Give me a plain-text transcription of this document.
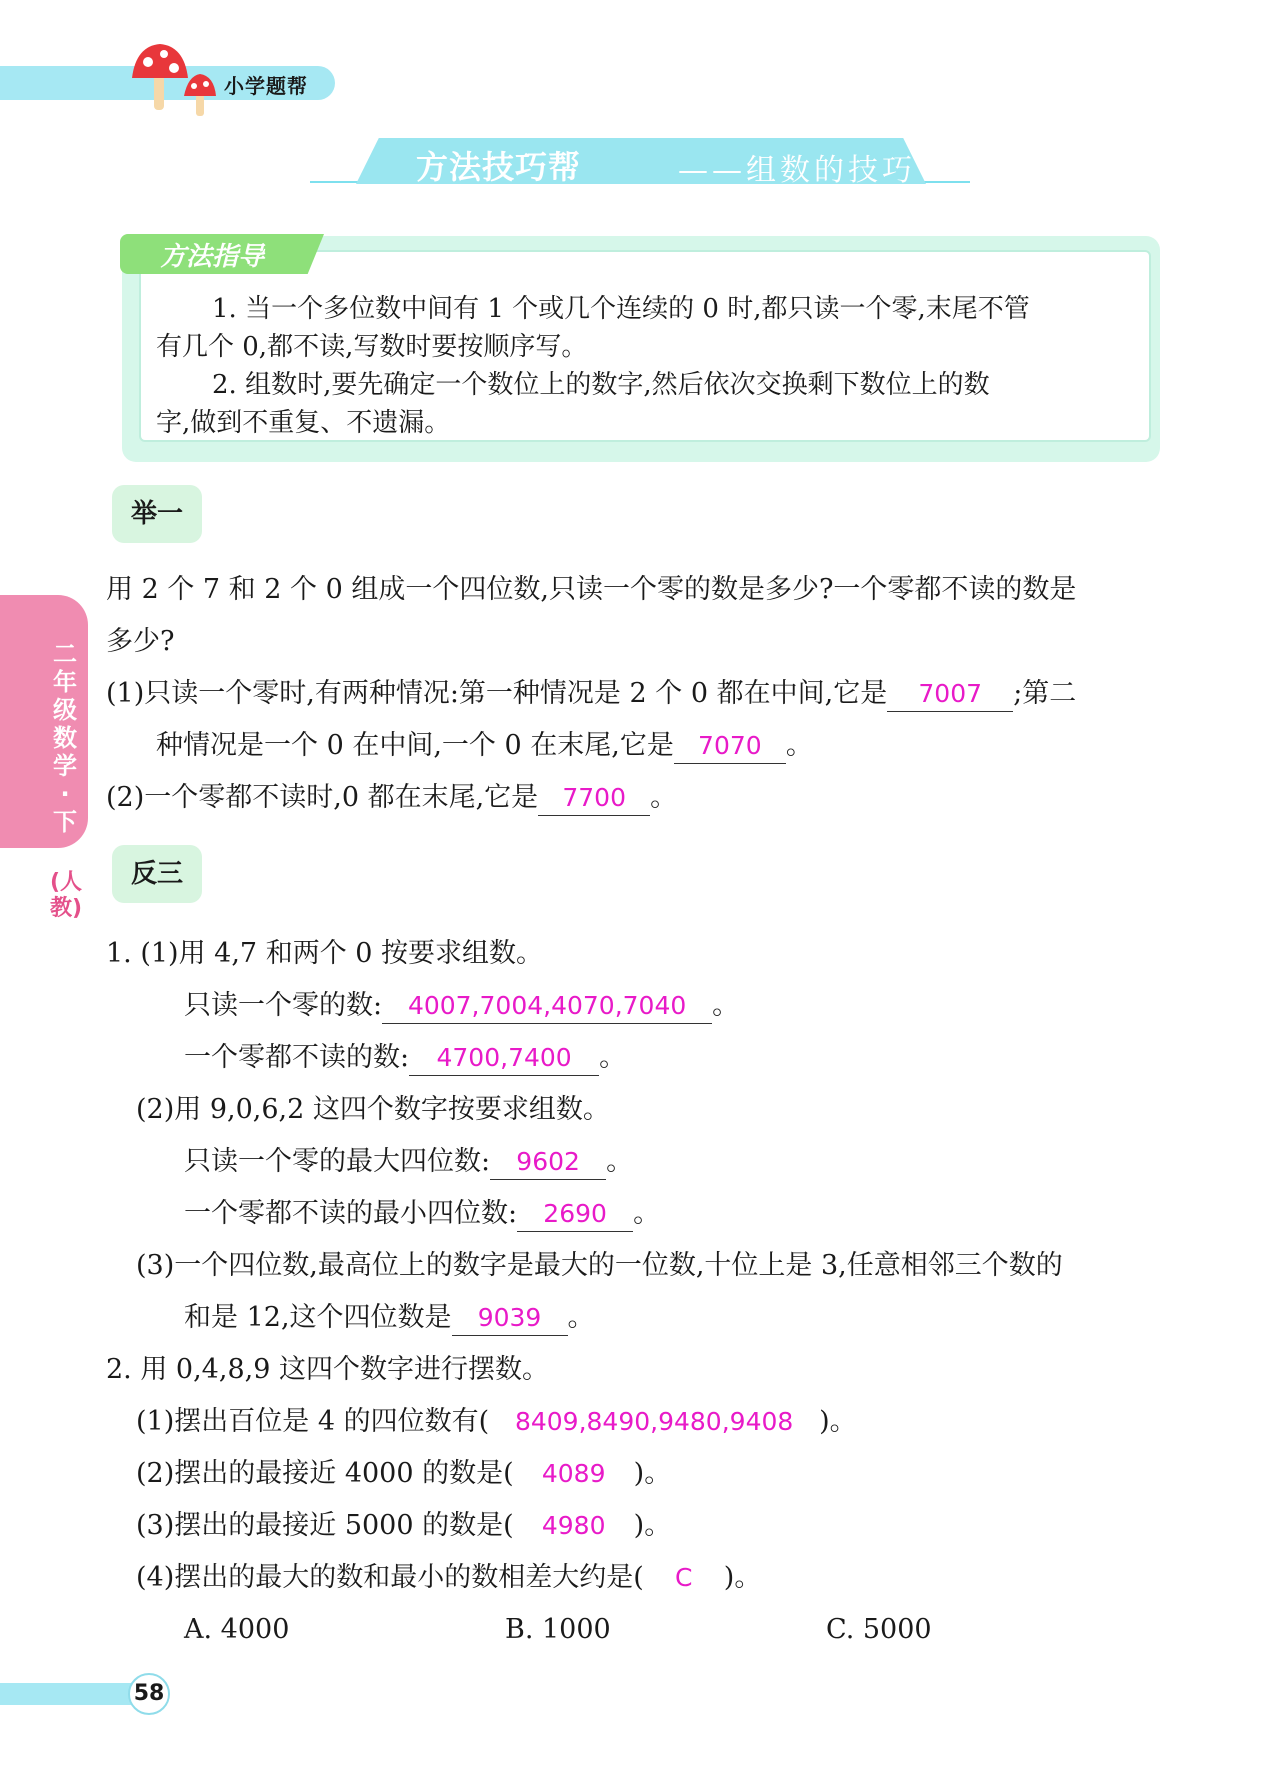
小学题帮
方法技巧帮	——组数的技巧
方法指导
1. 当一个多位数中间有 1 个或几个连续的 0 时,都只读一个零,末尾不管
有几个 0,都不读,写数时要按顺序写。
2. 组数时,要先确定一个数位上的数字,然后依次交换剩下数位上的数
字,做到不重复、不遗漏。
二年级数学·下
(人教)
举一
用 2 个 7 和 2 个 0 组成一个四位数,只读一个零的数是多少?一个零都不读的数是
多少?
(1)只读一个零时,有两种情况:第一种情况是 2 个 0 都在中间,它是 7007 ;第二
种情况是一个 0 在中间,一个 0 在末尾,它是 7070 。
(2)一个零都不读时,0 都在末尾,它是 7700 。
反三
1. (1)用 4,7 和两个 0 按要求组数。
只读一个零的数: 4007,7004,4070,7040 。
一个零都不读的数: 4700,7400 。
(2)用 9,0,6,2 这四个数字按要求组数。
只读一个零的最大四位数: 9602 。
一个零都不读的最小四位数: 2690 。
(3)一个四位数,最高位上的数字是最大的一位数,十位上是 3,任意相邻三个数的
和是 12,这个四位数是 9039 。
2. 用 0,4,8,9 这四个数字进行摆数。
(1)摆出百位是 4 的四位数有( 8409,8490,9480,9408 )。
(2)摆出的最接近 4000 的数是( 4089 )。
(3)摆出的最接近 5000 的数是( 4980 )。
(4)摆出的最大的数和最小的数相差大约是( C )。
A. 4000	B. 1000	C. 5000
58
